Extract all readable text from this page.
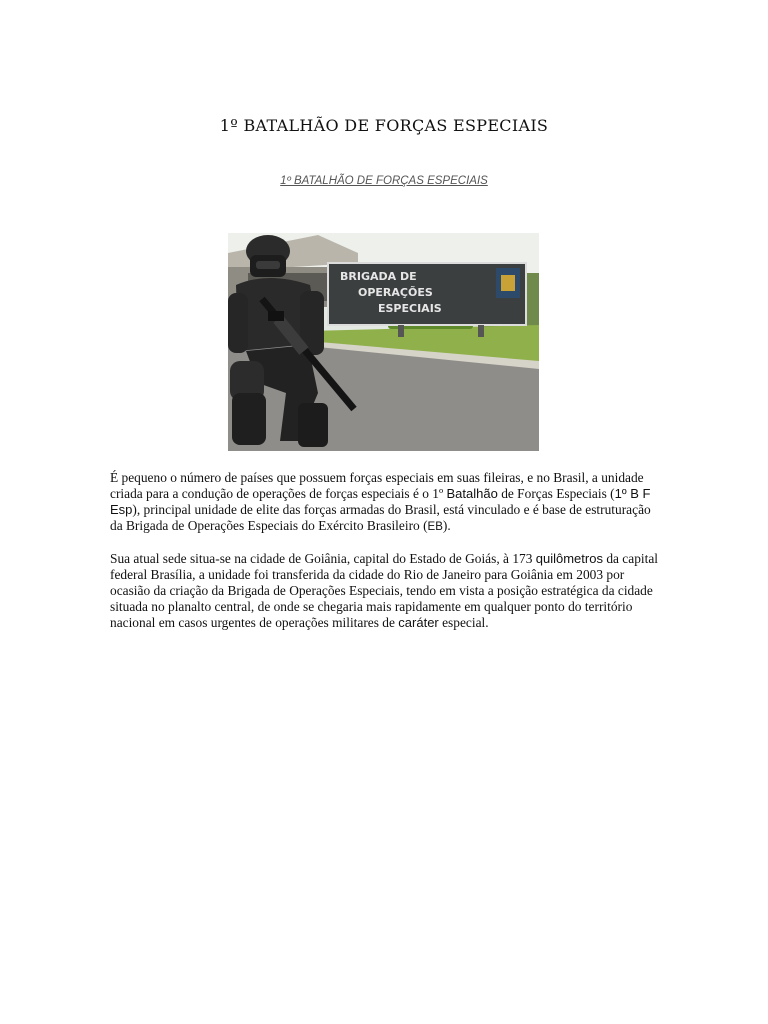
1º BATALHÃO DE FORÇAS ESPECIAIS
1º BATALHÃO DE FORÇAS ESPECIAIS
BRIGADA DE
OPERAÇÕES
ESPECIAIS

É pequeno o número de países que possuem forças especiais em suas fileiras, e no Brasil, a unidade criada para a condução de operações de forças especiais é o 1º Batalhão de Forças Especiais (1º B F Esp), principal unidade de elite das forças armadas do Brasil, está vinculado e é base de estruturação da Brigada de Operações Especiais do Exército Brasileiro (EB).

Sua atual sede situa-se na cidade de Goiânia, capital do Estado de Goiás, à 173 quilômetros da capital federal Brasília, a unidade foi transferida da cidade do Rio de Janeiro para Goiânia em 2003 por ocasião da criação da Brigada de Operações Especiais, tendo em vista a posição estratégica da cidade situada no planalto central, de onde se chegaria mais rapidamente em qualquer ponto do território nacional em casos urgentes de operações militares de caráter especial.
